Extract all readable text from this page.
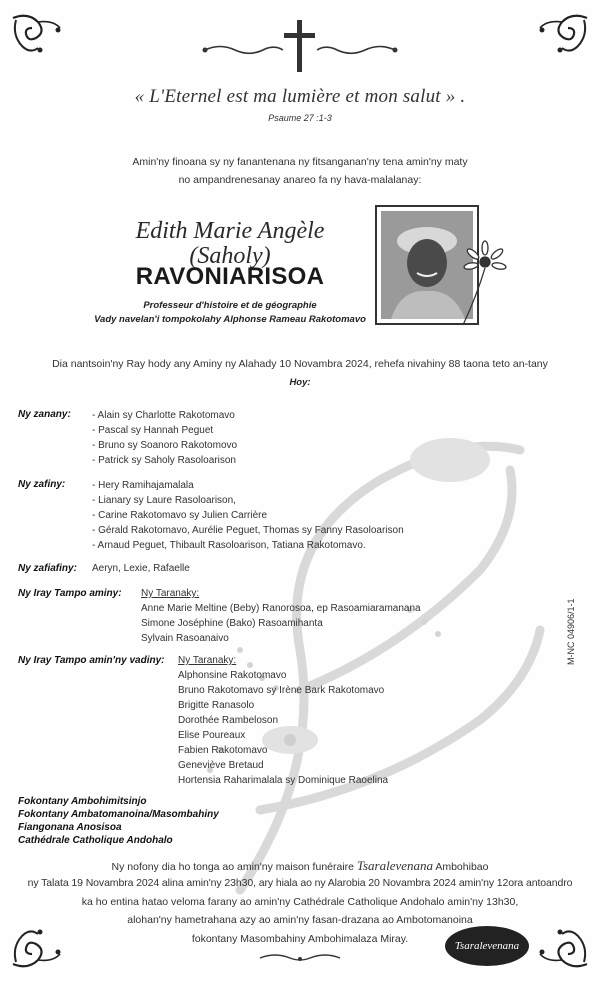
« L'Eternel est ma lumière et mon salut » .
Psaume 27 :1-3
Amin'ny finoana sy ny fanantenana ny fitsanganan'ny tena amin'ny maty
no ampandrenesanay anareo fa ny hava-malalanay:
Edith Marie Angèle
(Saholy)
RAVONIARISOA
Professeur d'histoire et de géographie
Vady navelan'i tompokolahy Alphonse Rameau Rakotomavo
Dia nantsoin'ny Ray hody any Aminy ny Alahady 10 Novambra 2024, rehefa nivahiny 88 taona teto an-tany
Hoy:
Ny zanany: - Alain sy Charlotte Rakotomavo
- Pascal sy Hannah Peguet
- Bruno sy Soanoro Rakotomovo
- Patrick sy Saholy Rasoloarison
Ny zafiny:	- Hery Ramihajamalala
- Lianary sy Laure Rasoloarison,
- Carine Rakotomavo sy Julien Carrière
- Gérald Rakotomavo, Aurélie Peguet, Thomas sy Fanny Rasoloarison
- Arnaud Peguet, Thibault Rasoloarison, Tatiana Rakotomavo.
Ny zafiafiny: Aeryn, Lexie, Rafaelle
Ny Iray Tampo aminy: Ny Taranaky:
Anne Marie Meltine (Beby) Ranorosoa, ep Rasoamiaramanana
Simone Joséphine (Bako) Rasoamihanta
Sylvain Rasoanaivo
Ny Iray Tampo amin'ny vadiny: Ny Taranaky:
Alphonsine Rakotomavo
Bruno Rakotomavo sy Irène Bark Rakotomavo
Brigitte Ranasolo
Dorothée Rambeloson
Elise Poureaux
Fabien Rakotomavo
Geneviève Bretaud
Hortensia Raharimalala sy Dominique Raoelina
Fokontany Ambohimitsinjo
Fokontany Ambatomanoina/Masombahiny
Fiangonana Anosisoa
Cathédrale Catholique Andohalo
Ny nofony dia ho tonga ao amin'ny maison funéraire Tsaralevenana Ambohibao
ny Talata 19 Novambra 2024 alina amin'ny 23h30, ary hiala ao ny Alarobia 20 Novambra 2024 amin'ny 12ora antoandro
ka ho entina hatao veloma farany ao amin'ny Cathédrale Catholique Andohalo amin'ny 13h30,
alohan'ny hametrahana azy ao amin'ny fasan-drazana ao Ambotomanoina
fokontany Masombahiny Ambohimalaza Miray.
Tsaralevenana
M-NC 04906/1-1
